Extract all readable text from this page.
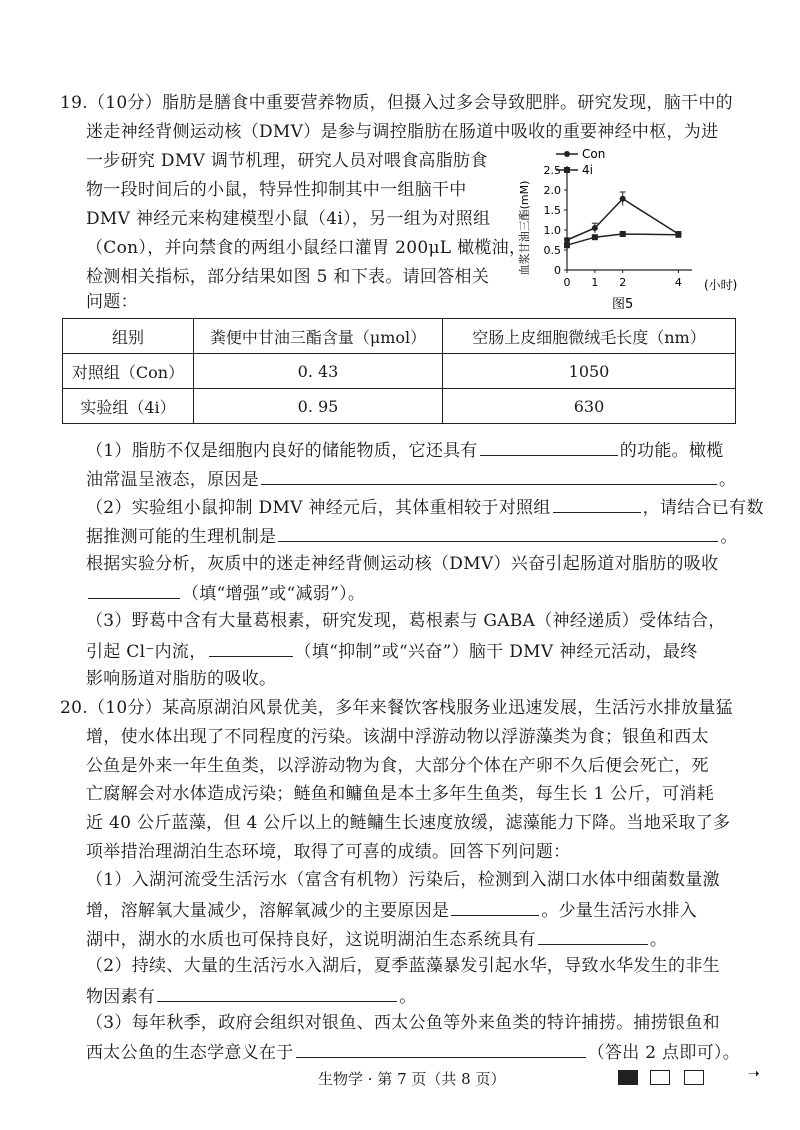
19.（10分）脂肪是膳食中重要营养物质，但摄入过多会导致肥胖。研究发现，脑干中的
迷走神经背侧运动核（DMV）是参与调控脂肪在肠道中吸收的重要神经中枢，为进
一步研究 DMV 调节机理，研究人员对喂食高脂肪食
物一段时间后的小鼠，特异性抑制其中一组脑干中
DMV 神经元来构建模型小鼠（4i），另一组为对照组
（Con），并向禁食的两组小鼠经口灌胃 200μL 橄榄油，
检测相关指标，部分结果如图 5 和下表。请回答相关
问题：
血浆甘油三酯(mM) 0
0.5
1.0
1.5
2.0
2.5
0 1 2	4 (小时)
图5
Con
4i
组别	粪便中甘油三酯含量（μmol）	空肠上皮细胞微绒毛长度（nm）
对照组（Con）	0. 43	1050
实验组（4i）	0. 95	630
（1）脂肪不仅是细胞内良好的储能物质，它还具有	的功能。橄榄
油常温呈液态，原因是	。
（2）实验组小鼠抑制 DMV 神经元后，其体重相较于对照组	，请结合已有数
据推测可能的生理机制是	。
根据实验分析，灰质中的迷走神经背侧运动核（DMV）兴奋引起肠道对脂肪的吸收
（填“增强”或“减弱”）。
（3）野葛中含有大量葛根素，研究发现，葛根素与 GABA（神经递质）受体结合，
引起 Cl⁻内流，	（填“抑制”或“兴奋”）脑干 DMV 神经元活动，最终
影响肠道对脂肪的吸收。
20.（10分）某高原湖泊风景优美，多年来餐饮客栈服务业迅速发展，生活污水排放量猛
增，使水体出现了不同程度的污染。该湖中浮游动物以浮游藻类为食；银鱼和西太
公鱼是外来一年生鱼类，以浮游动物为食，大部分个体在产卵不久后便会死亡，死
亡腐解会对水体造成污染；鲢鱼和鳙鱼是本土多年生鱼类，每生长 1 公斤，可消耗
近 40 公斤蓝藻，但 4 公斤以上的鲢鳙生长速度放缓，滤藻能力下降。当地采取了多
项举措治理湖泊生态环境，取得了可喜的成绩。回答下列问题：
（1）入湖河流受生活污水（富含有机物）污染后，检测到入湖口水体中细菌数量激
增，溶解氧大量减少，溶解氧减少的主要原因是	。少量生活污水排入
湖中，湖水的水质也可保持良好，这说明湖泊生态系统具有	。
（2）持续、大量的生活污水入湖后，夏季蓝藻暴发引起水华，导致水华发生的非生
物因素有	。
（3）每年秋季，政府会组织对银鱼、西太公鱼等外来鱼类的特许捕捞。捕捞银鱼和
西太公鱼的生态学意义在于	（答出 2 点即可）。
生物学 · 第 7 页（共 8 页）	➝
